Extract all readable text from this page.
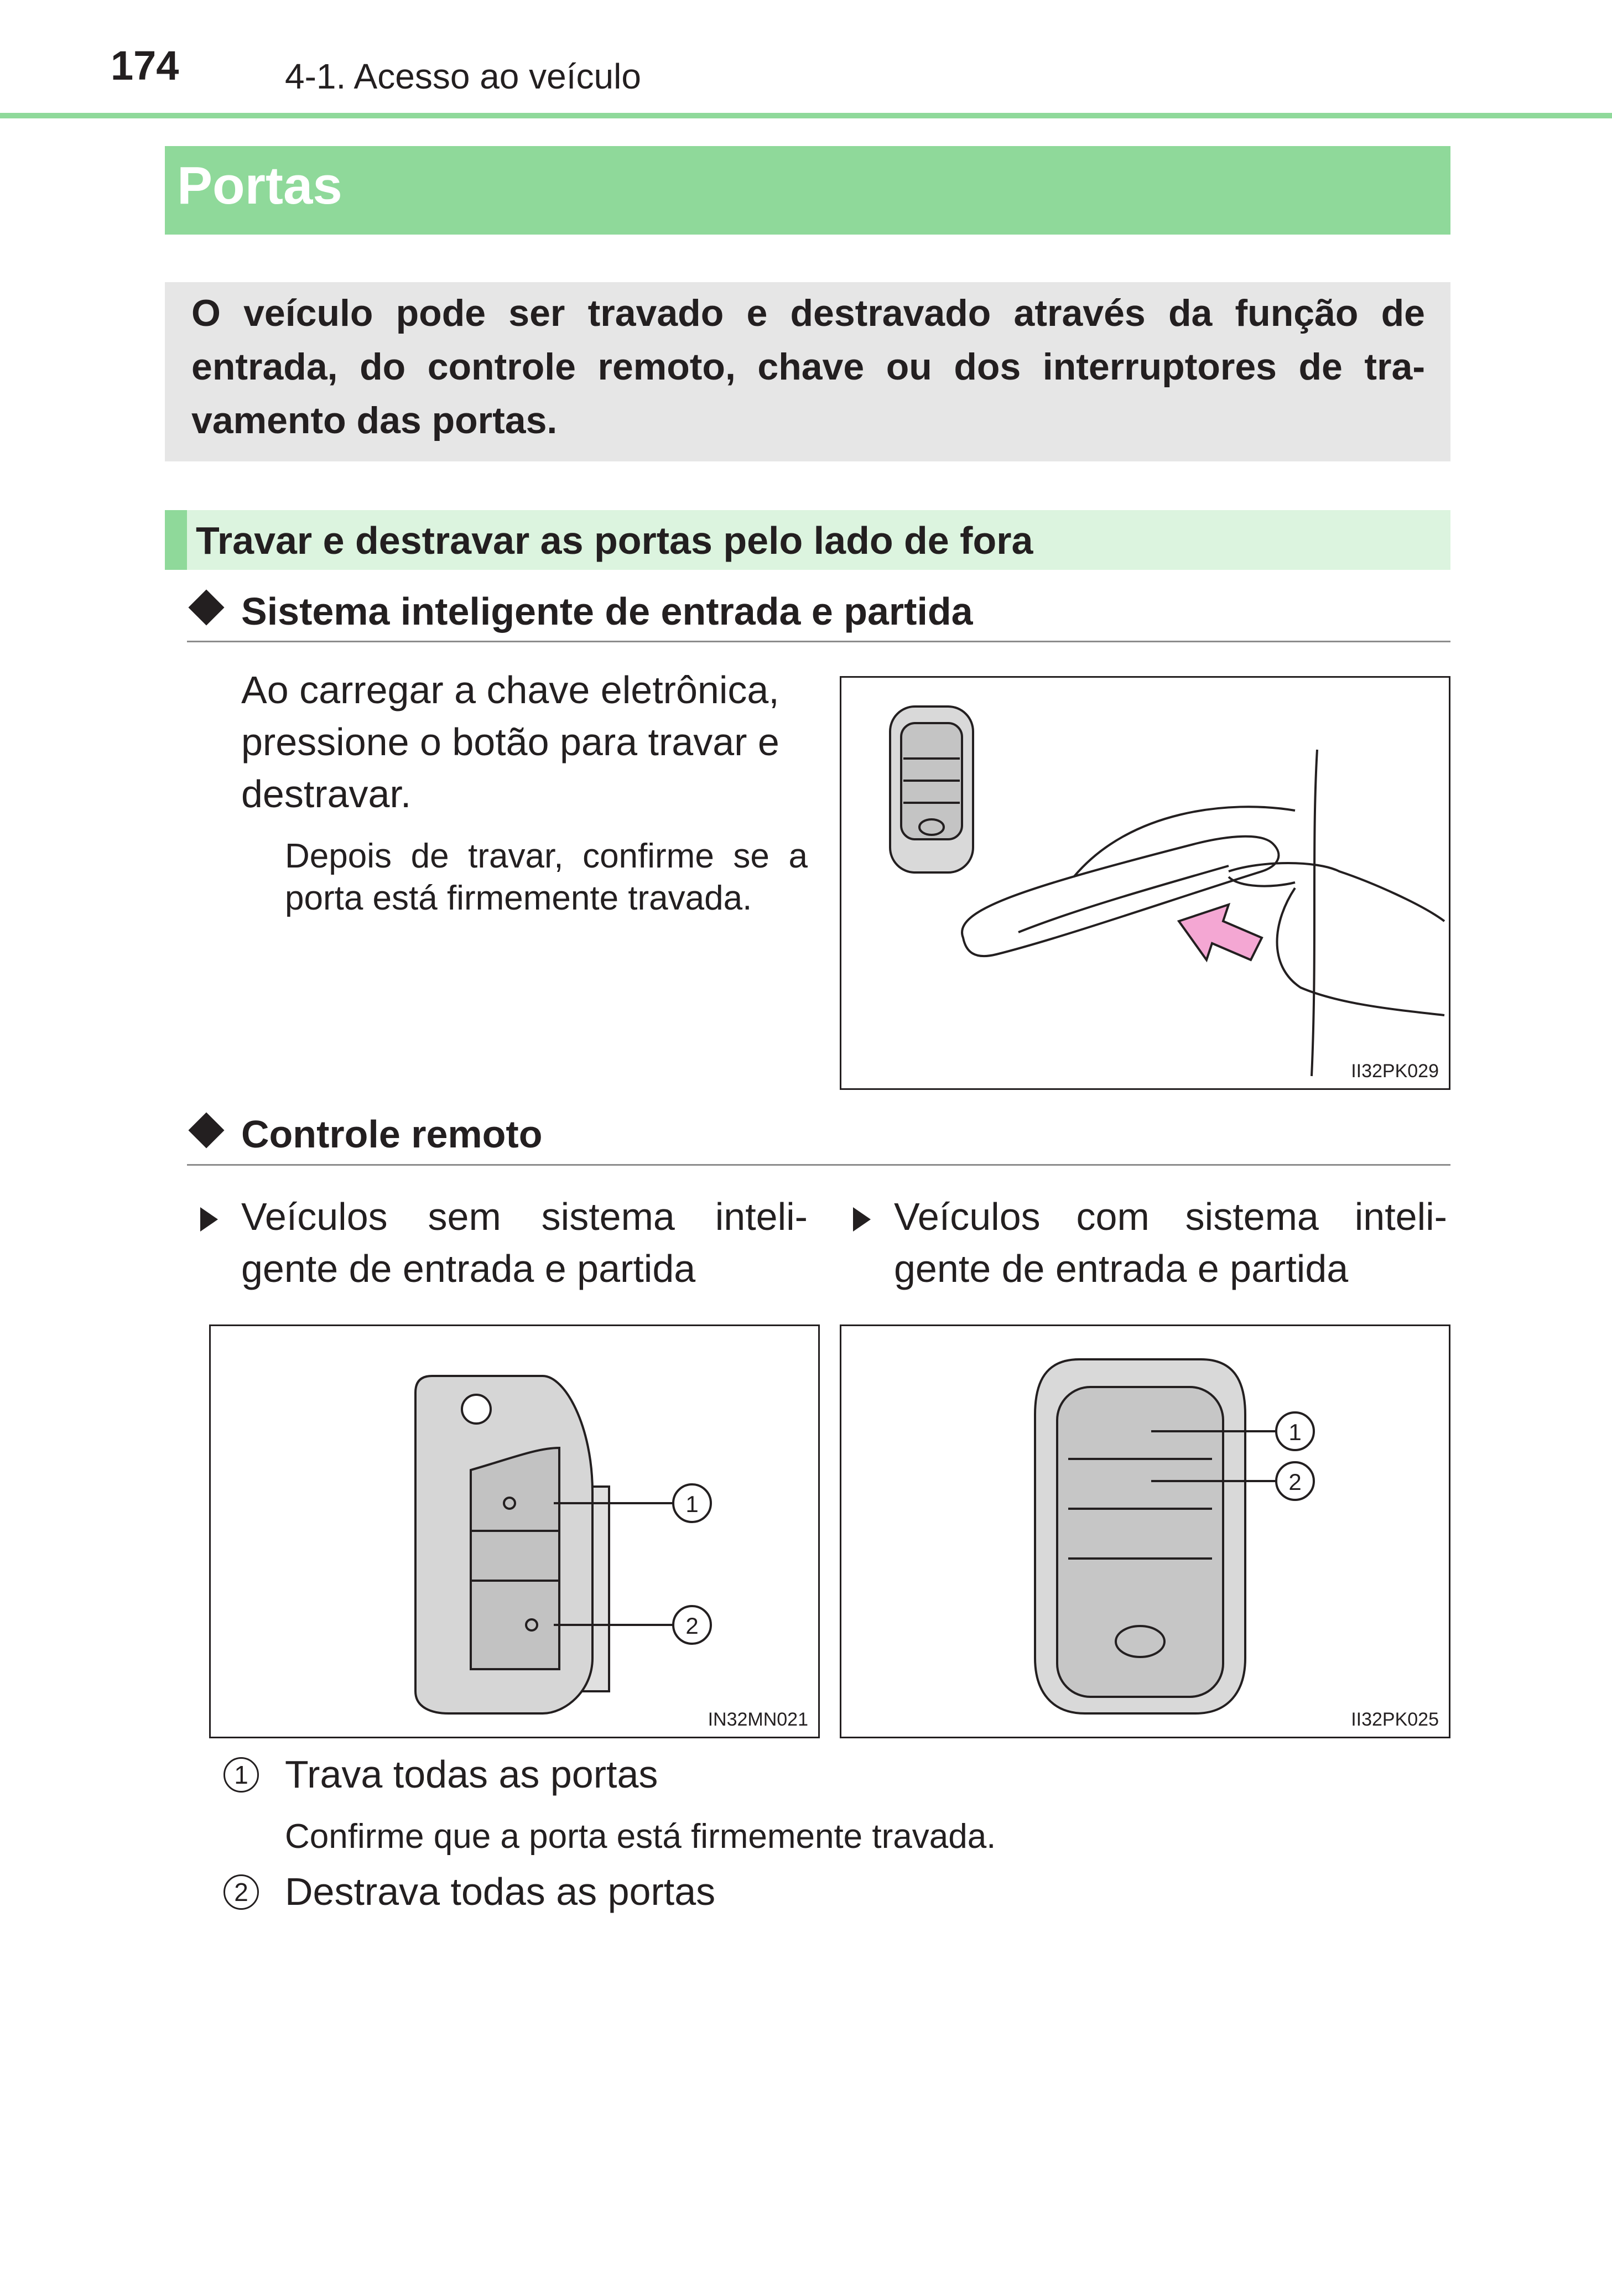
174	4-1. Acesso ao veículo
Portas
O veículo pode ser travado e destravado através da função de entrada, do controle remoto, chave ou dos interruptores de tra-vamento das portas.
Travar e destravar as portas pelo lado de fora
Sistema inteligente de entrada e partida
Ao carregar a chave eletrônica, pressione o botão para travar e destravar.
Depois de travar, confirme se a porta está firmemente travada.
II32PK029
Controle remoto
Veículos sem sistema inteli-gente de entrada e partida
Veículos com sistema inteli-gente de entrada e partida
1
2
IN32MN021
1
2
II32PK025
1 Trava todas as portas
Confirme que a porta está firmemente travada.
2 Destrava todas as portas
